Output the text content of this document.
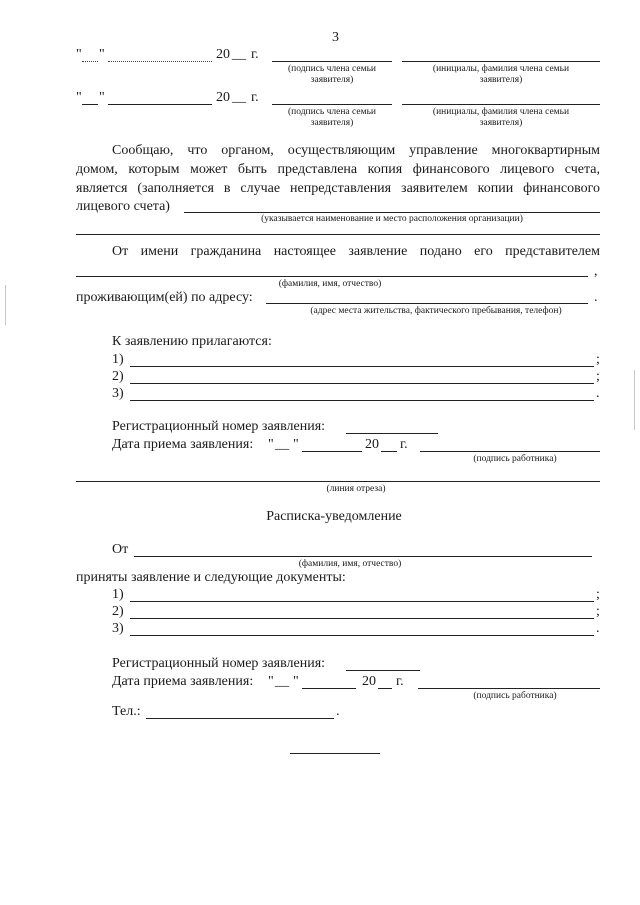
3
" "	20 __ г.
(подпись члена семьи
заявителя)
(инициалы, фамилия члена семьи
заявителя)
" "	20 __ г.
(подпись члена семьи
заявителя)
(инициалы, фамилия члена семьи
заявителя)
Сообщаю, что органом, осуществляющим управление многоквартирным
домом, которым может быть представлена копия финансового лицевого счета,
является (заполняется в случае непредставления заявителем копии финансового
лицевого счета)
(указывается наименование и место расположения организации)
От имени гражданина настоящее заявление подано его представителем
,
(фамилия, имя, отчество)
проживающим(ей) по адресу:	.
(адрес места жительства, фактического пребывания, телефон)
К заявлению прилагаются:
1)	;
2)	;
3)	.
Регистрационный номер заявления:
Дата приема заявления: " __ "	20 г.
(подпись работника)
(линия отреза)
Расписка-уведомление
От
(фамилия, имя, отчество)
приняты заявление и следующие документы:
1)	;
2)	;
3)	.
Регистрационный номер заявления:
Дата приема заявления: " __ "	20 г.
(подпись работника)
Тел.:	.
